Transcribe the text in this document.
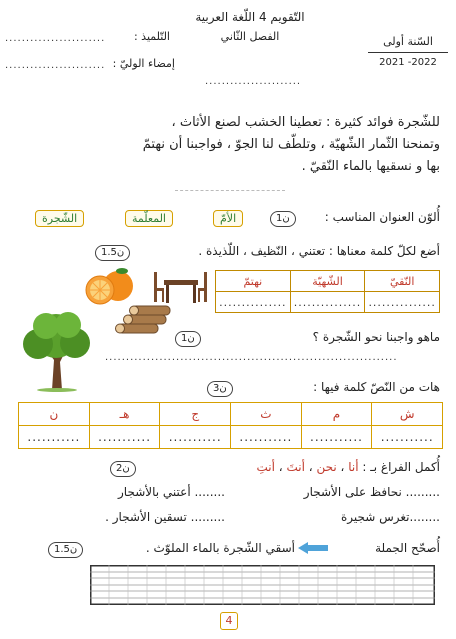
التّقويم 4 اللّغة العربية
الفصل الثّاني	السّنة أولى
2021 -2022
التّلميذ :
........................
إمضاء الوليّ :
........................
.......................
للشّجرة فوائد كثيرة : تعطينا الخشب لصنع الأثاث ،
وتمنحنا الثّمار الشّهيّة ، وتلطّف لنا الجوّ ، فواجبنا أن نهتمّ
بها و نسقيها بالماء النّقيّ .
أُلوّن العنوان المناسب :
1ن
الأمّ
المعلّمة
الشّجرة
أضع لكلّ كلمة معناها : تعتني ، النّظيف ، اللّذيذة .
1.5ن
النّقيّ	الشّهيّة	نهتمّ
...............	...............	...............
ماهو واجبنا نحو الشّجرة ؟
1ن
......................................................................
هات من النّصّ كلمة فيها :
3ن
ش	م	ث	ج	هـ	ن
...........	...........	...........	...........	...........	...........
أُكمل الفراغ بـ : أنا ، نحن ، أنتَ ، أنتِ
2ن
......... نحافظ على الأشجار
........ أعتني بالأشجار
........تغرس شجيرة
......... تسقين الأشجار .
أُصحّح الجملة
أسقي الشّجرة بالماء الملوّث .
1.5ن
4
